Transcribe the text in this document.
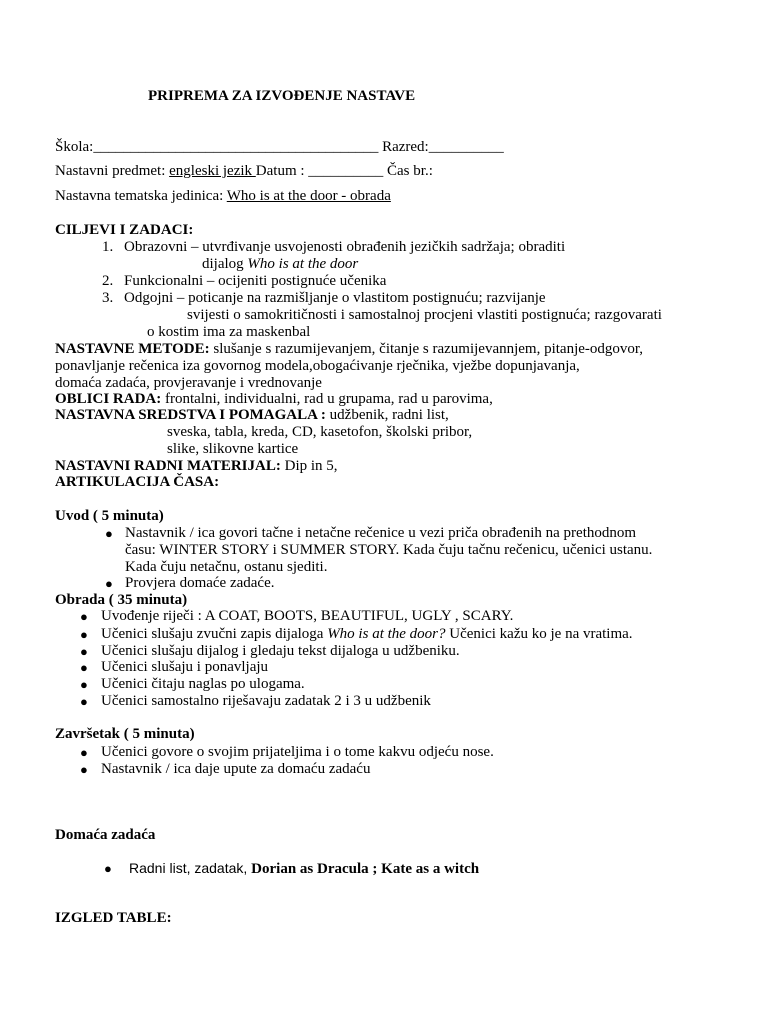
PRIPREMA ZA IZVOĐENJE NASTAVE
Škola:______________________________________ Razred:__________
Nastavni predmet: engleski jezik Datum : __________ Čas br.:
Nastavna tematska jedinica: Who is at the door - obrada
CILJEVI I ZADACI:
1. Obrazovni – utvrđivanje usvojenosti obrađenih jezičkih sadržaja; obraditi
dijalog Who is at the door
2. Funkcionalni – ocijeniti postignuće učenika
3. Odgojni – poticanje na razmišljanje o vlastitom postignuću; razvijanje
svijesti o samokritičnosti i samostalnoj procjeni vlastiti postignuća; razgovarati
o kostim ima za maskenbal
NASTAVNE METODE: slušanje s razumijevanjem, čitanje s razumijevannjem, pitanje-odgovor,
ponavljanje rečenica iza govornog modela,obogaćivanje rječnika, vježbe dopunjavanja,
domaća zadaća, provjeravanje i vrednovanje
OBLICI RADA: frontalni, individualni, rad u grupama, rad u parovima,
NASTAVNA SREDSTVA I POMAGALA : udžbenik, radni list,
sveska, tabla, kreda, CD, kasetofon, školski pribor,
slike, slikovne kartice
NASTAVNI RADNI MATERIJAL: Dip in 5,
ARTIKULACIJA ČASA:
Uvod ( 5 minuta)
● Nastavnik / ica govori tačne i netačne rečenice u vezi priča obrađenih na prethodnom
času: WINTER STORY i SUMMER STORY. Kada čuju tačnu rečenicu, učenici ustanu.
Kada čuju netačnu, ostanu sjediti.
● Provjera domaće zadaće.
Obrada ( 35 minuta)
● Uvođenje riječi : A COAT, BOOTS, BEAUTIFUL, UGLY , SCARY.
● Učenici slušaju zvučni zapis dijaloga Who is at the door? Učenici kažu ko je na vratima.
● Učenici slušaju dijalog i gledaju tekst dijaloga u udžbeniku.
● Učenici slušaju i ponavljaju
● Učenici čitaju naglas po ulogama.
● Učenici samostalno riješavaju zadatak 2 i 3 u udžbenik
Završetak ( 5 minuta)
● Učenici govore o svojim prijateljima i o tome kakvu odjeću nose.
● Nastavnik / ica daje upute za domaću zadaću
Domaća zadaća
● Radni list, zadatak, Dorian as Dracula ; Kate as a witch
IZGLED TABLE:
